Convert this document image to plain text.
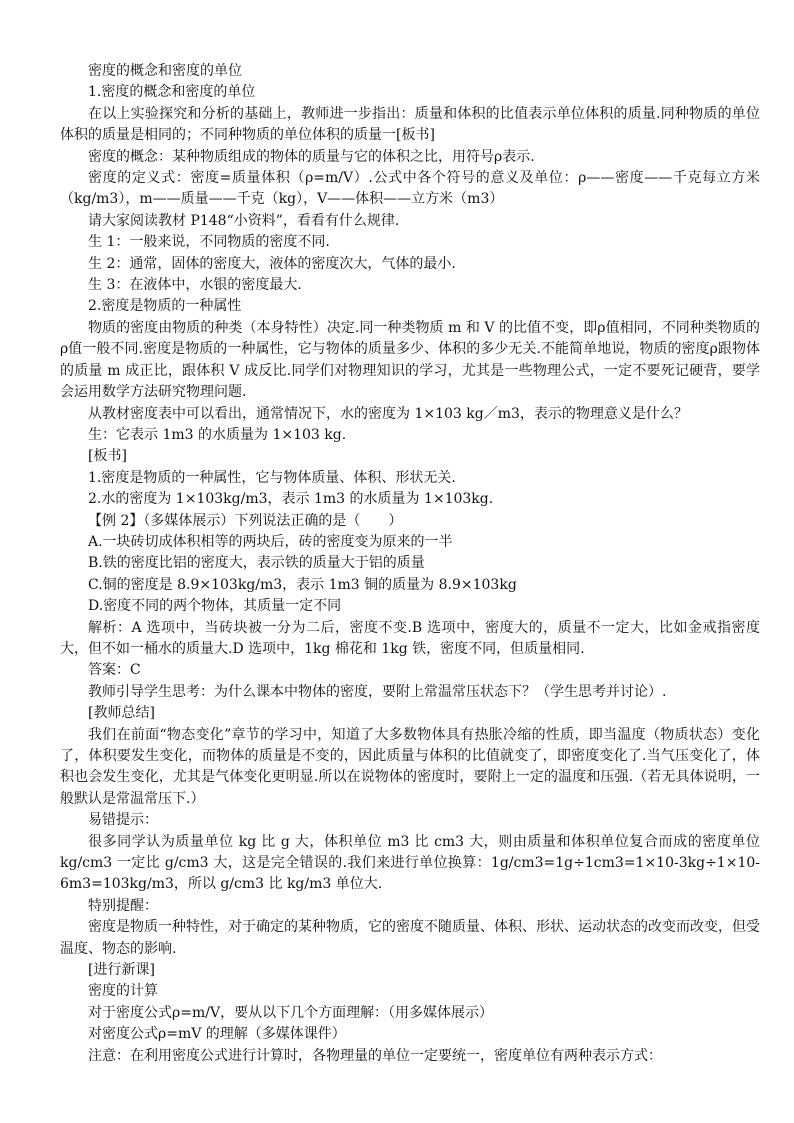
密度的概念和密度的单位

1.密度的概念和密度的单位

在以上实验探究和分析的基础上，教师进一步指出：质量和体积的比值表示单位体积的质量.同种物质的单位体积的质量是相同的；不同种物质的单位体积的质量一[板书]

密度的概念：某种物质组成的物体的质量与它的体积之比，用符号ρ表示.

密度的定义式：密度=质量体积（ρ=m/V）.公式中各个符号的意义及单位：ρ——密度——千克每立方米（kg/m3），m——质量——千克（kg），V——体积——立方米（m3）

请大家阅读教材 P148“小资料”，看看有什么规律.

生 1：一般来说，不同物质的密度不同.

生 2：通常，固体的密度大，液体的密度次大，气体的最小.

生 3：在液体中，水银的密度最大.

2.密度是物质的一种属性

物质的密度由物质的种类（本身特性）决定.同一种类物质 m 和 V 的比值不变，即ρ值相同，不同种类物质的ρ值一般不同.密度是物质的一种属性，它与物体的质量多少、体积的多少无关.不能简单地说，物质的密度ρ跟物体的质量 m 成正比，跟体积 V 成反比.同学们对物理知识的学习，尤其是一些物理公式，一定不要死记硬背，要学会运用数学方法研究物理问题.

从教材密度表中可以看出，通常情况下，水的密度为 1×103 kg／m3，表示的物理意义是什么？

生：它表示 1m3 的水质量为 1×103 kg.

[板书]

1.密度是物质的一种属性，它与物体质量、体积、形状无关.

2.水的密度为 1×103kg/m3，表示 1m3 的水质量为 1×103kg.

【例 2】（多媒体展示）下列说法正确的是（　　）

A.一块砖切成体积相等的两块后，砖的密度变为原来的一半

B.铁的密度比铝的密度大，表示铁的质量大于铝的质量

C.铜的密度是 8.9×103kg/m3，表示 1m3 铜的质量为 8.9×103kg

D.密度不同的两个物体，其质量一定不同

解析：A 选项中，当砖块被一分为二后，密度不变.B 选项中，密度大的，质量不一定大，比如金戒指密度大，但不如一桶水的质量大.D 选项中，1kg 棉花和 1kg 铁，密度不同，但质量相同.

答案：C

教师引导学生思考：为什么课本中物体的密度，要附上常温常压状态下？（学生思考并讨论）.

[教师总结]

我们在前面“物态变化”章节的学习中，知道了大多数物体具有热胀冷缩的性质，即当温度（物质状态）变化了，体积要发生变化，而物体的质量是不变的，因此质量与体积的比值就变了，即密度变化了.当气压变化了，体积也会发生变化，尤其是气体变化更明显.所以在说物体的密度时，要附上一定的温度和压强.（若无具体说明，一般默认是常温常压下.）

易错提示：

很多同学认为质量单位 kg 比 g 大，体积单位 m3 比 cm3 大，则由质量和体积单位复合而成的密度单位 kg/cm3 一定比 g/cm3 大，这是完全错误的.我们来进行单位换算：1g/cm3=1g÷1cm3=1×10-3kg÷1×10-6m3=103kg/m3，所以 g/cm3 比 kg/m3 单位大.

特别提醒：

密度是物质一种特性，对于确定的某种物质，它的密度不随质量、体积、形状、运动状态的改变而改变，但受温度、物态的影响.

[进行新课]

密度的计算

对于密度公式ρ=m/V，要从以下几个方面理解：（用多媒体展示）

对密度公式ρ=mV 的理解（多媒体课件）

注意：在利用密度公式进行计算时，各物理量的单位一定要统一，密度单位有两种表示方式：
